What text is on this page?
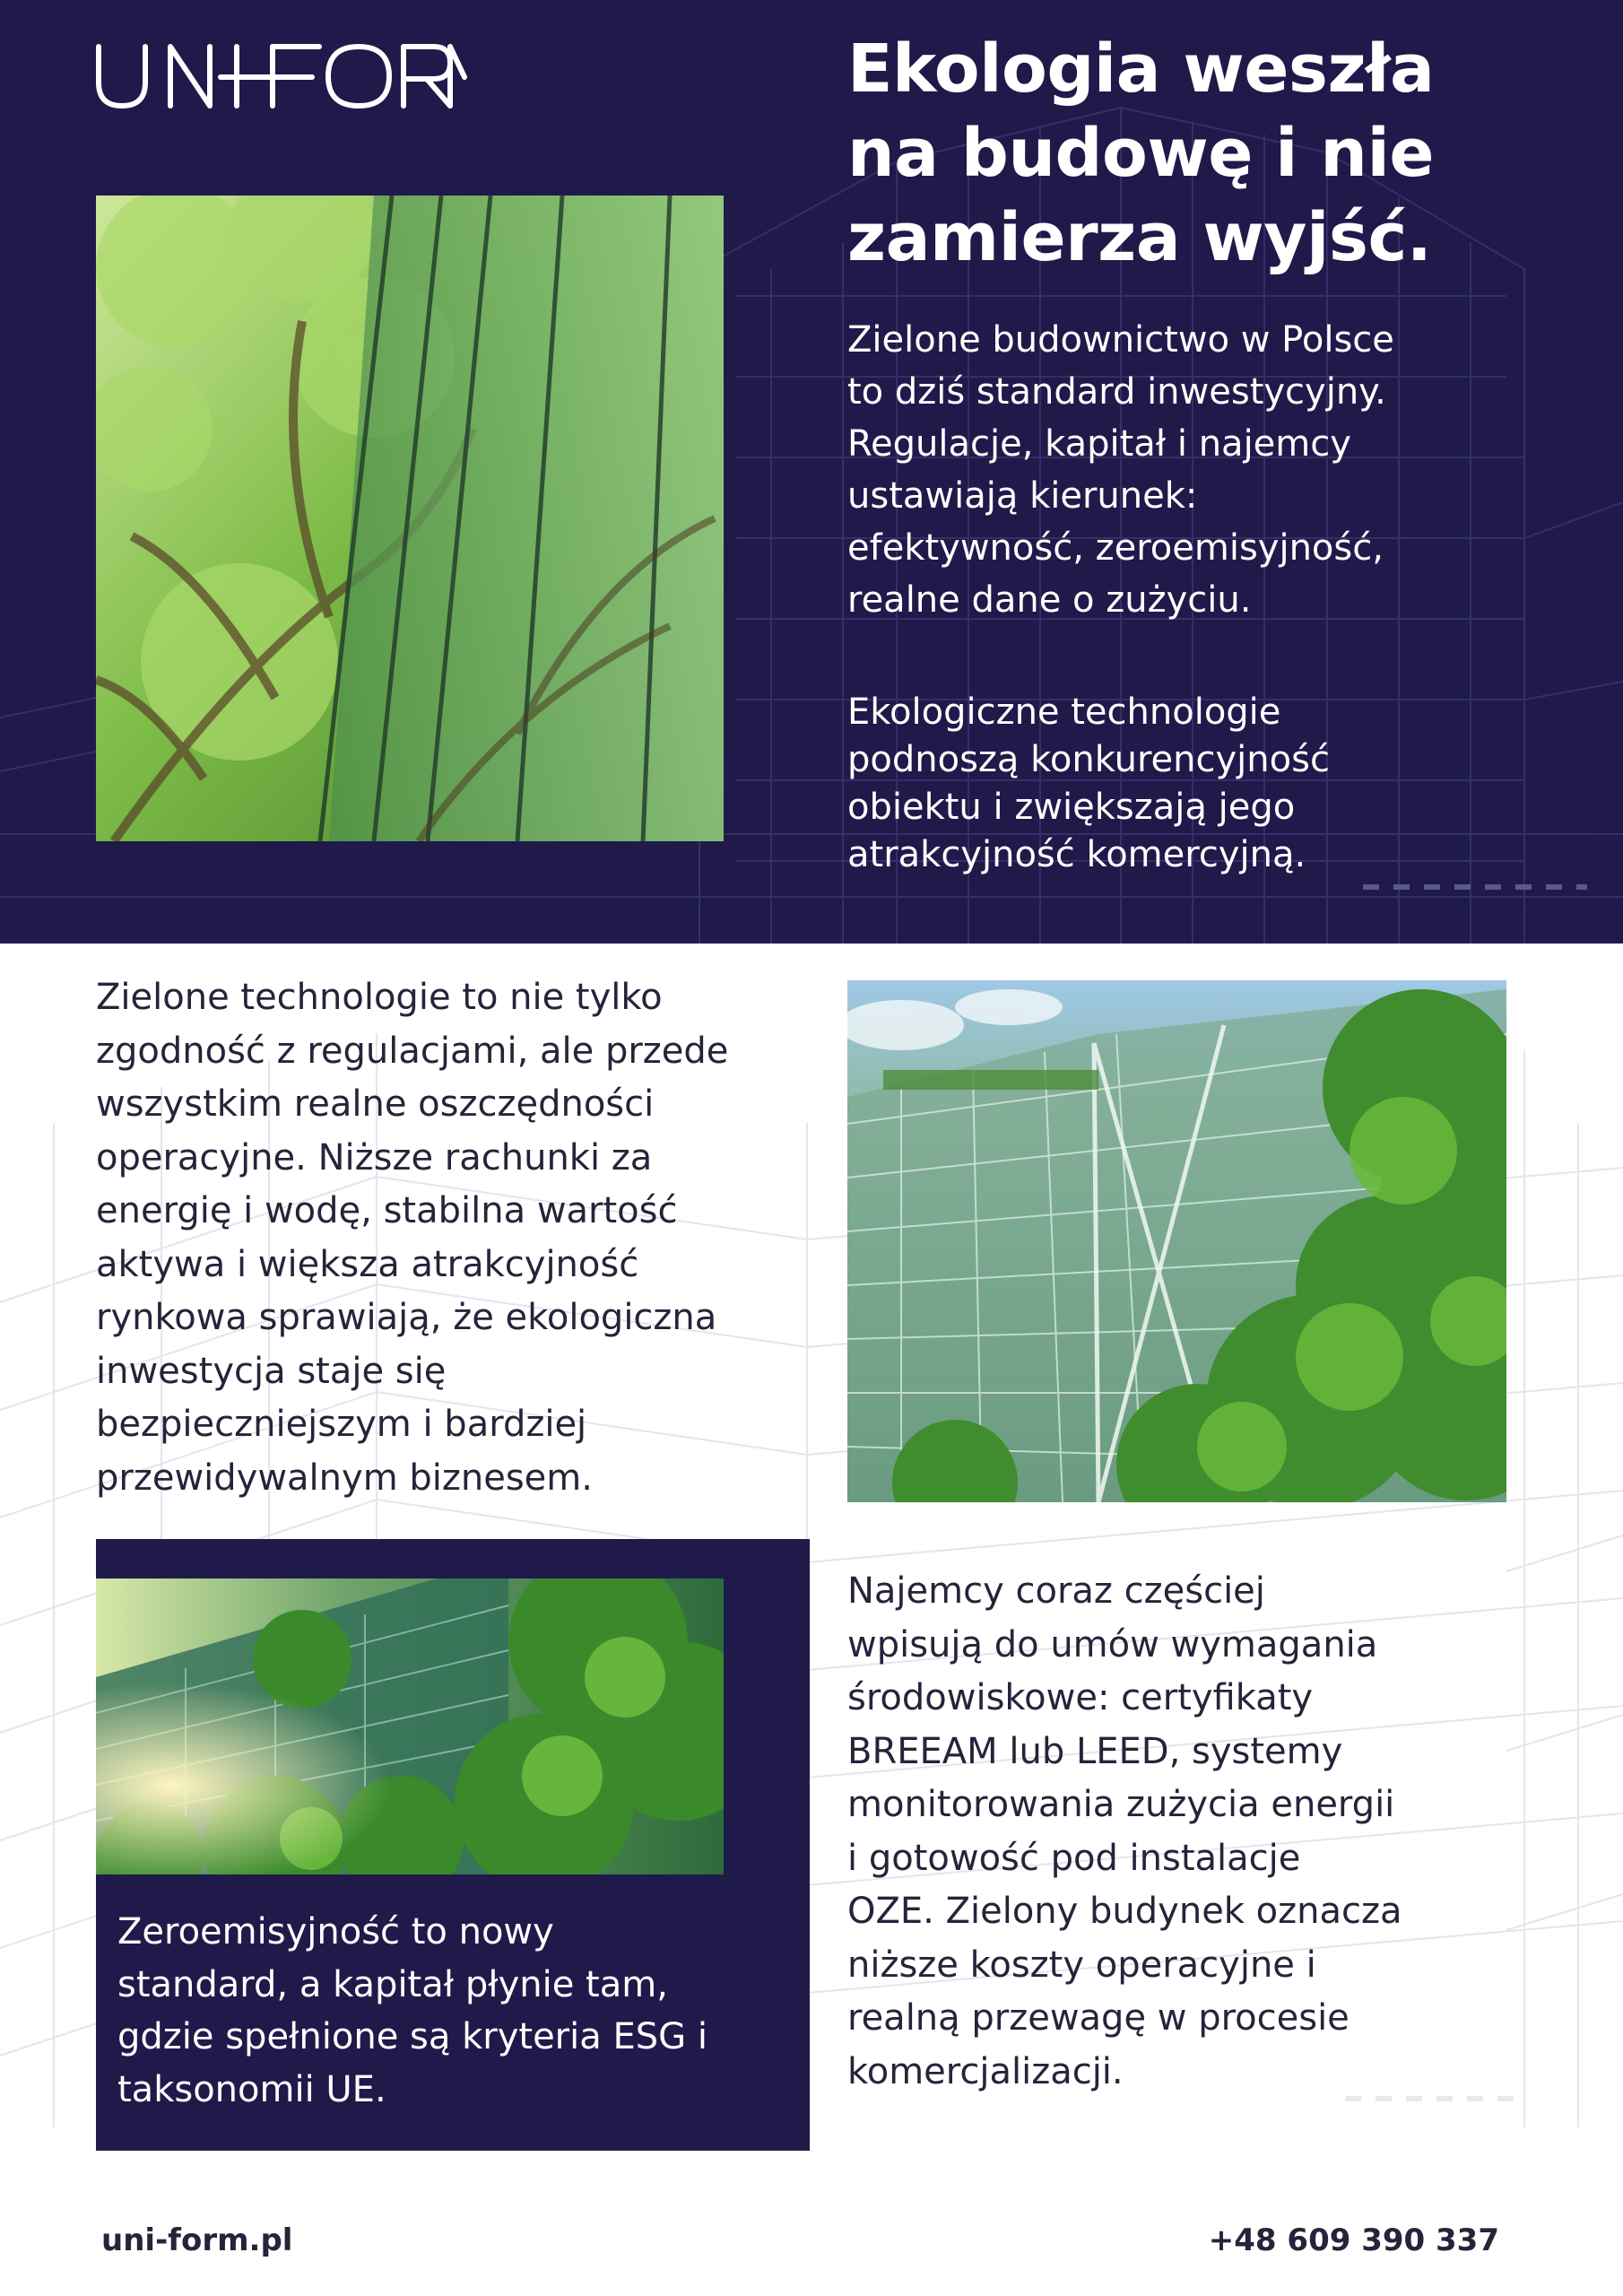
Ekologia weszła
na budowę i nie
zamierza wyjść.
Zielone budownictwo w Polsce
to dziś standard inwestycyjny.
Regulacje, kapitał i najemcy
ustawiają kierunek:
efektywność, zeroemisyjność,
realne dane o zużyciu.
Ekologiczne technologie
podnoszą konkurencyjność
obiektu i zwiększają jego
atrakcyjność komercyjną.
Zielone technologie to nie tylko
zgodność z regulacjami, ale przede
wszystkim realne oszczędności
operacyjne. Niższe rachunki za
energię i wodę, stabilna wartość
aktywa i większa atrakcyjność
rynkowa sprawiają, że ekologiczna
inwestycja staje się
bezpieczniejszym i bardziej
przewidywalnym biznesem.
Zeroemisyjność to nowy
standard, a kapitał płynie tam,
gdzie spełnione są kryteria ESG i
taksonomii UE.
Najemcy coraz częściej
wpisują do umów wymagania
środowiskowe: certyfikaty
BREEAM lub LEED, systemy
monitorowania zużycia energii
i gotowość pod instalacje
OZE. Zielony budynek oznacza
niższe koszty operacyjne i
realną przewagę w procesie
komercjalizacji.
uni-form.pl	+48 609 390 337
